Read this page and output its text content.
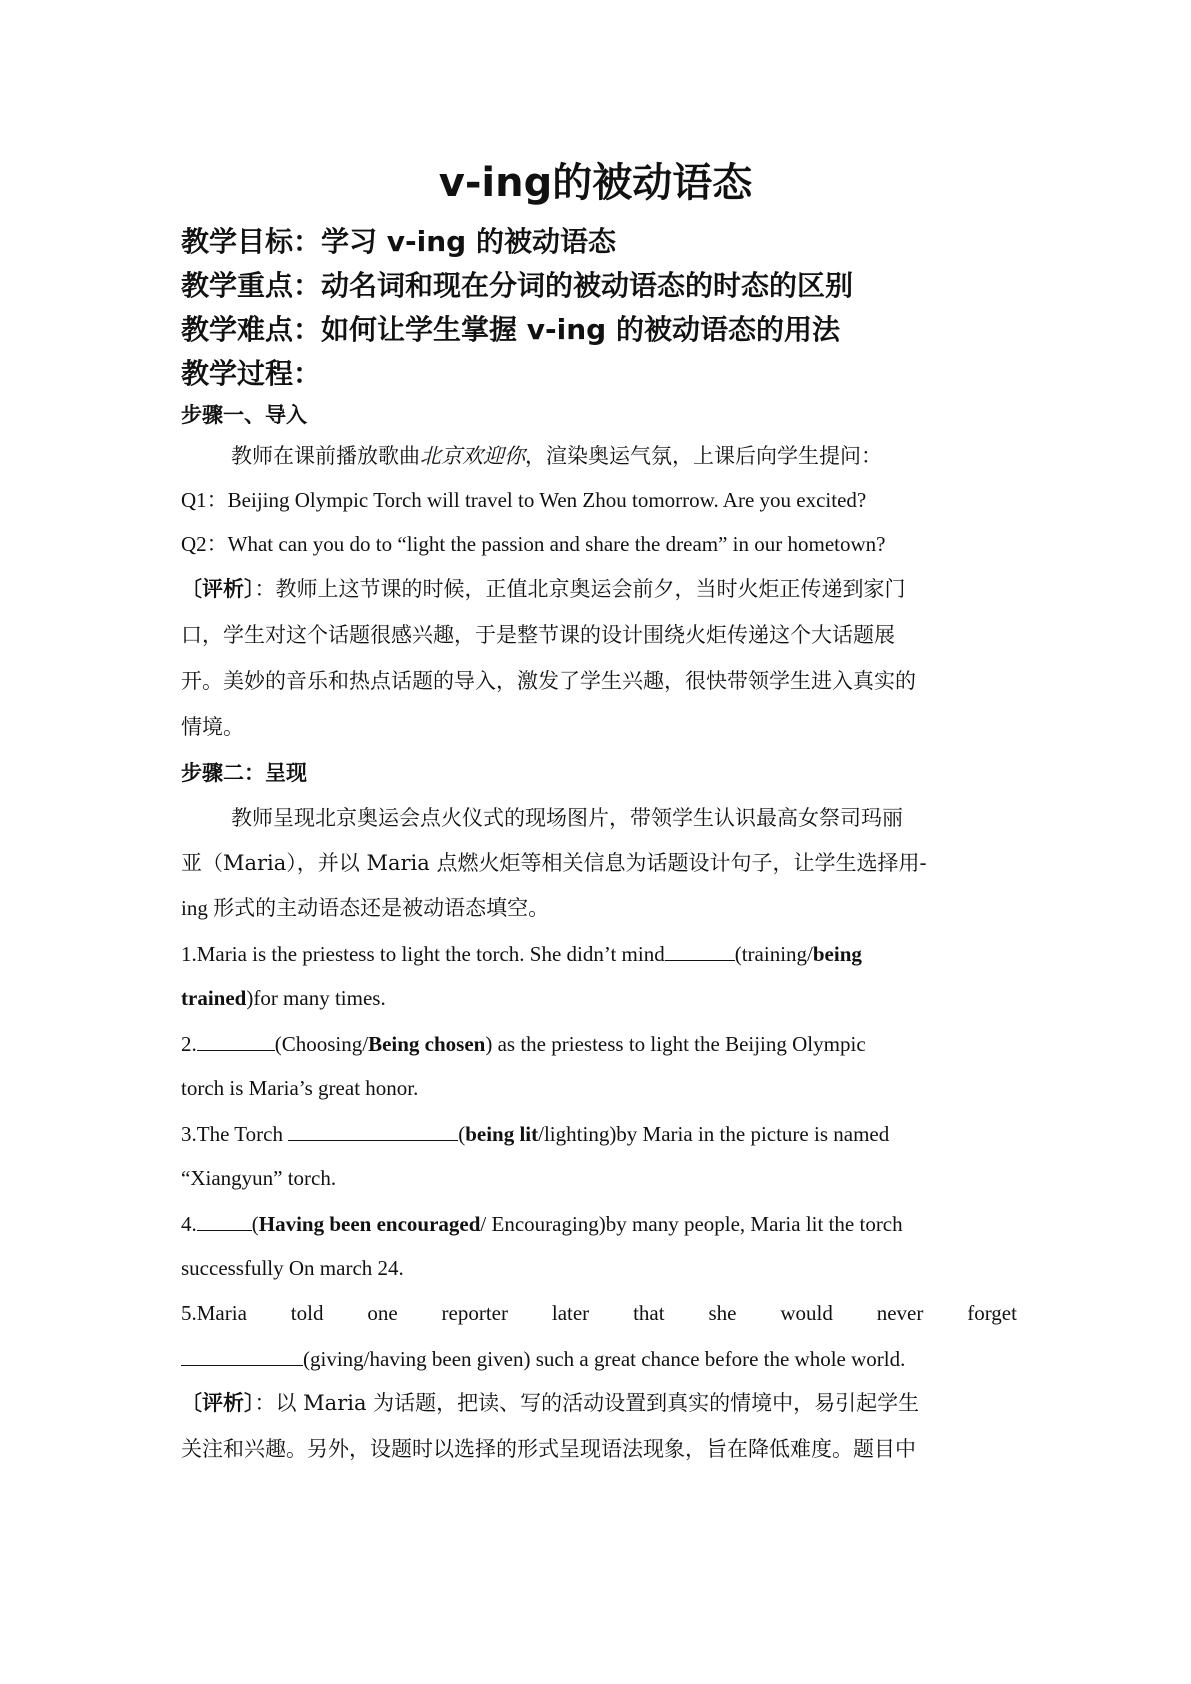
v-ing的被动语态
教学目标：学习 v-ing 的被动语态
教学重点：动名词和现在分词的被动语态的时态的区别
教学难点：如何让学生掌握 v-ing 的被动语态的用法
教学过程：
步骤一、导入
教师在课前播放歌曲北京欢迎你，渲染奥运气氛，上课后向学生提问：
Q1：Beijing Olympic Torch will travel to Wen Zhou tomorrow. Are you excited?
Q2：What can you do to “light the passion and share the dream” in our hometown?
〔评析〕：教师上这节课的时候，正值北京奥运会前夕，当时火炬正传递到家门
口，学生对这个话题很感兴趣，于是整节课的设计围绕火炬传递这个大话题展
开。美妙的音乐和热点话题的导入，激发了学生兴趣，很快带领学生进入真实的
情境。
步骤二：呈现
教师呈现北京奥运会点火仪式的现场图片，带领学生认识最高女祭司玛丽
亚（Maria），并以 Maria 点燃火炬等相关信息为话题设计句子，让学生选择用-
ing 形式的主动语态还是被动语态填空。
1.Maria is the priestess to light the torch. She didn’t mind	(training/being
trained)for many times.
2.	(Choosing/Being chosen) as the priestess to light the Beijing Olympic
torch is Maria’s great honor.
3.The Torch	(being lit/lighting)by Maria in the picture is named
“Xiangyun” torch.
4.	(Having been encouraged/ Encouraging)by many people, Maria lit the torch
successfully On march 24.
5.Maria told one reporter later that she would never forget
(giving/having been given) such a great chance before the whole world.
〔评析〕：以 Maria 为话题，把读、写的活动设置到真实的情境中，易引起学生
关注和兴趣。另外，设题时以选择的形式呈现语法现象，旨在降低难度。题目中
